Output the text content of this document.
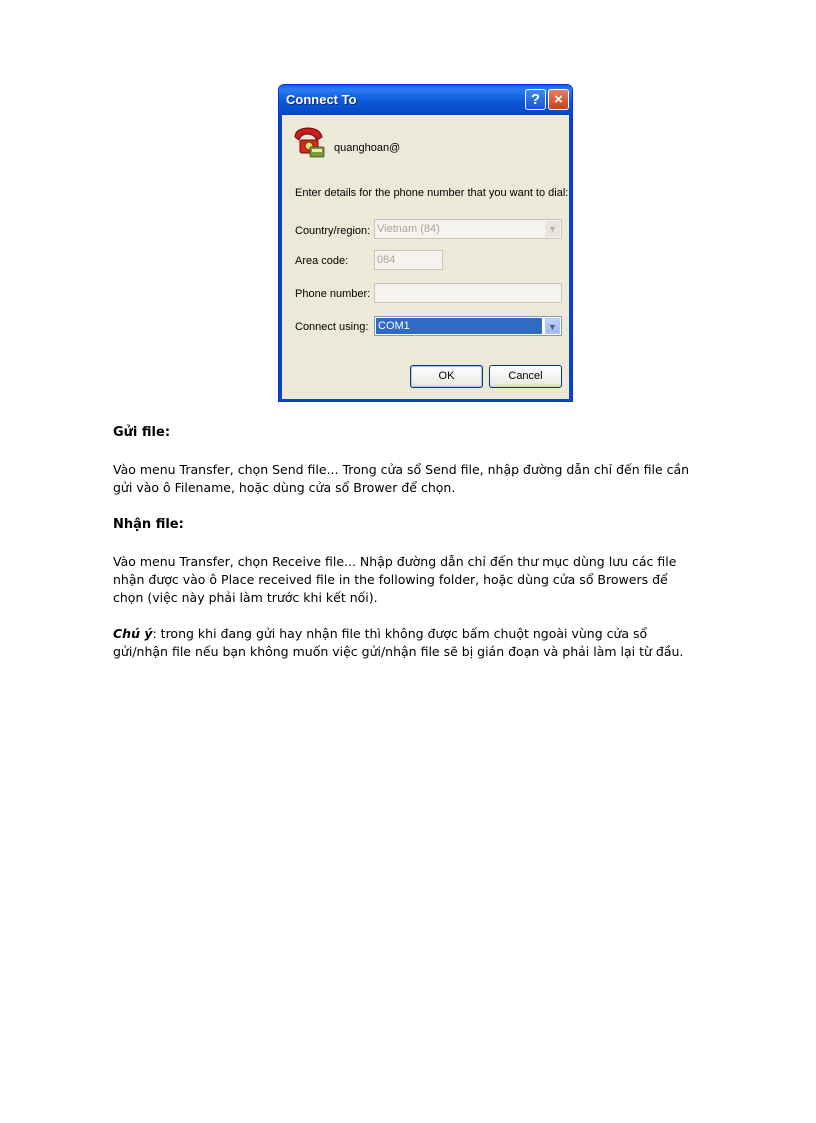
Connect To	? ×
quanghoan@
Enter details for the phone number that you want to dial:
Country/region: Vietnam (84)	▼
Area code:	084
Phone number:
Connect using: COM1	▼
OK	Cancel
Gửi file:
Vào menu Transfer, chọn Send file... Trong cửa sổ Send file, nhập đường dẫn chỉ đến file cần
gửi vào ô Filename, hoặc dùng cửa sổ Brower để chọn.
Nhận file:
Vào menu Transfer, chọn Receive file... Nhập đường dẫn chỉ đến thư mục dùng lưu các file
nhận được vào ô Place received file in the following folder, hoặc dùng cửa sổ Browers để
chọn (việc này phải làm trước khi kết nối).
Chú ý: trong khi đang gửi hay nhận file thì không được bấm chuột ngoài vùng cửa sổ
gửi/nhận file nếu bạn không muốn việc gửi/nhận file sẽ bị gián đoạn và phải làm lại từ đầu.
